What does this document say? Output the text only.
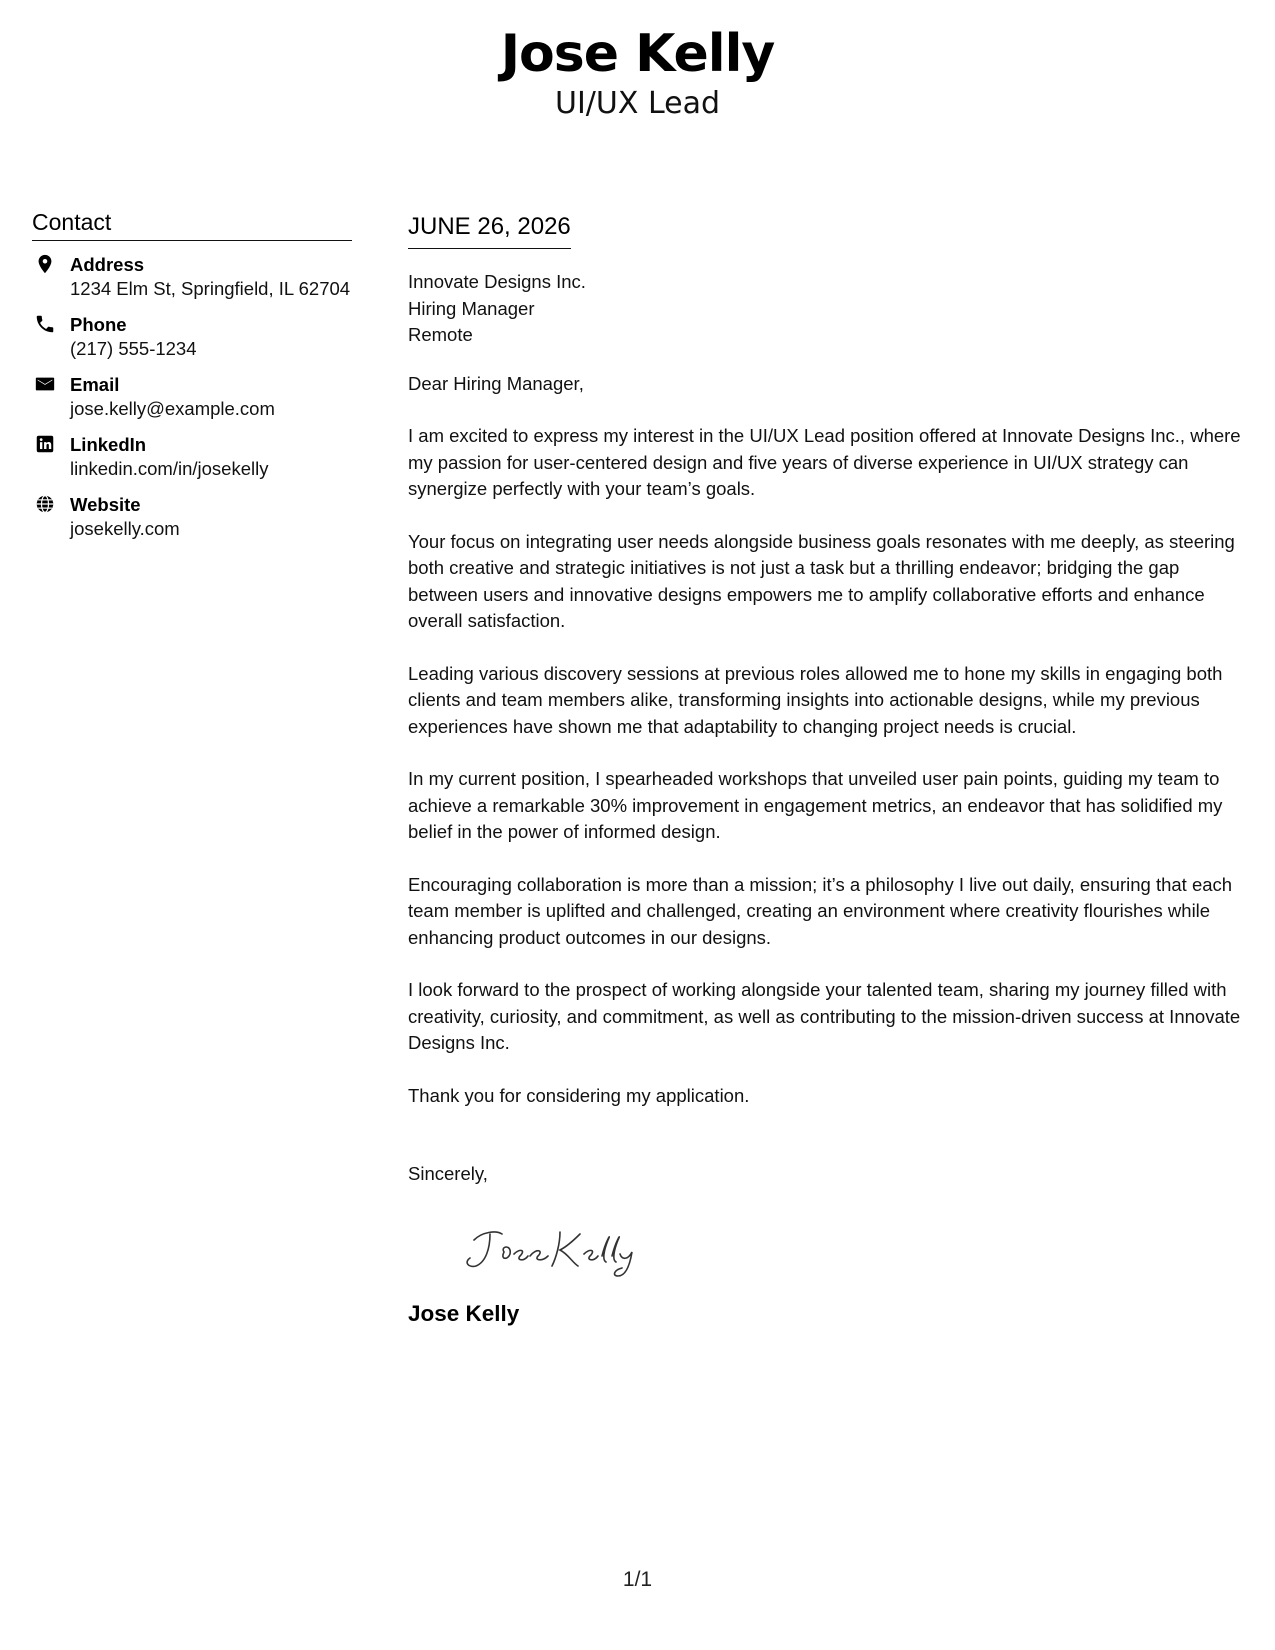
Jose Kelly
UI/UX Lead
Contact
Address
1234 Elm St, Springfield, IL 62704
Phone
(217) 555-1234
Email
jose.kelly@example.com
LinkedIn
linkedin.com/in/josekelly
Website
josekelly.com
JUNE 26, 2026
Innovate Designs Inc.
Hiring Manager
Remote
Dear Hiring Manager,
I am excited to express my interest in the UI/UX Lead position offered at Innovate Designs Inc., where my passion for user-centered design and five years of diverse experience in UI/UX strategy can synergize perfectly with your team’s goals.
Your focus on integrating user needs alongside business goals resonates with me deeply, as steering both creative and strategic initiatives is not just a task but a thrilling endeavor; bridging the gap between users and innovative designs empowers me to amplify collaborative efforts and enhance overall satisfaction.
Leading various discovery sessions at previous roles allowed me to hone my skills in engaging both clients and team members alike, transforming insights into actionable designs, while my previous experiences have shown me that adaptability to changing project needs is crucial.
In my current position, I spearheaded workshops that unveiled user pain points, guiding my team to achieve a remarkable 30% improvement in engagement metrics, an endeavor that has solidified my belief in the power of informed design.
Encouraging collaboration is more than a mission; it’s a philosophy I live out daily, ensuring that each team member is uplifted and challenged, creating an environment where creativity flourishes while enhancing product outcomes in our designs.
I look forward to the prospect of working alongside your talented team, sharing my journey filled with creativity, curiosity, and commitment, as well as contributing to the mission-driven success at Innovate Designs Inc.
Thank you for considering my application.
Sincerely,
Jose Kelly
1/1
